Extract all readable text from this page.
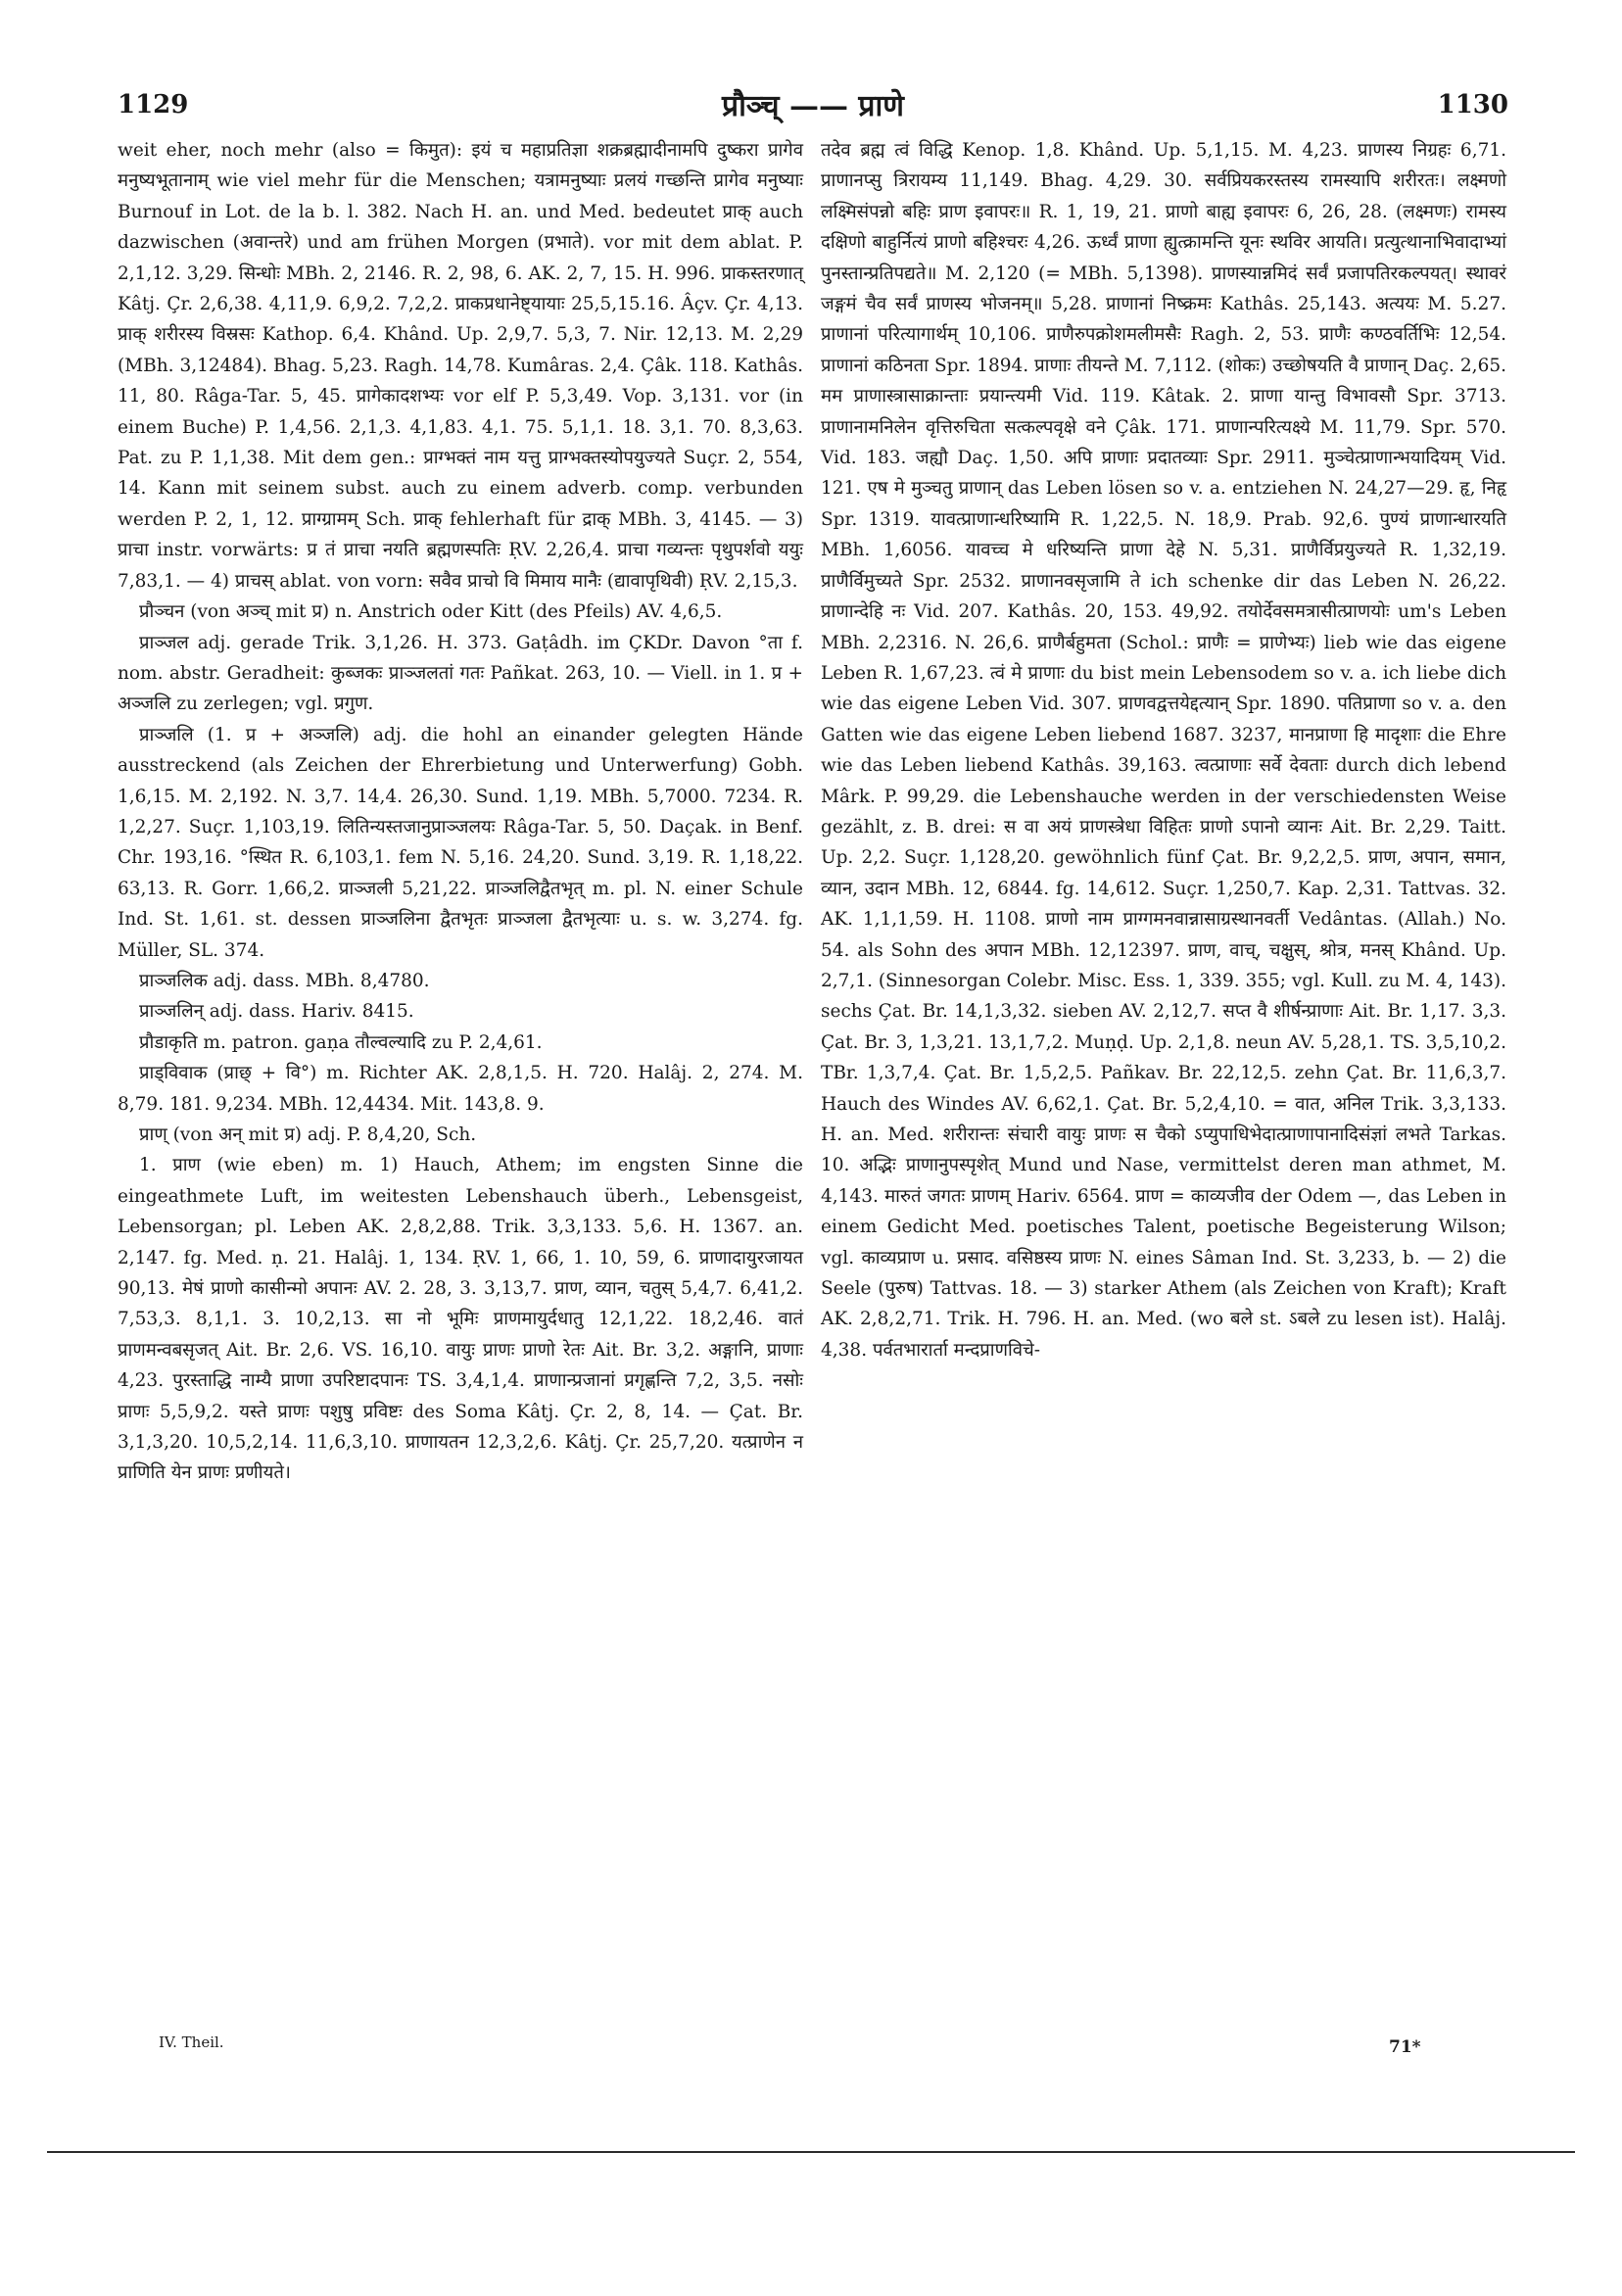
1129	प्रौञ्च् —— प्राणे	1130

weit eher, noch mehr (also = किमुत): इयं च महाप्रतिज्ञा शक्रब्रह्मादीनामपि दुष्करा प्रागेव मनुष्यभूतानाम् wie viel mehr für die Menschen; यत्रामनुष्याः प्रलयं गच्छन्ति प्रागेव मनुष्याः Burnouf in Lot. de la b. l. 382. Nach H. an. und Med. bedeutet प्राक् auch dazwischen (अवान्तरे) und am frühen Morgen (प्रभाते). vor mit dem ablat. P. 2,1,12. 3,29. सिन्धोः MBh. 2, 2146. R. 2, 98, 6. AK. 2, 7, 15. H. 996. प्राकस्तरणात् Kâtj. Çr. 2,6,38. 4,11,9. 6,9,2. 7,2,2. प्राकप्रधानेष्ट्यायाः 25,5,15.16. Âçv. Çr. 4,13. प्राक् शरीरस्य विस्रसः Kathop. 6,4. Khând. Up. 2,9,7. 5,3, 7. Nir. 12,13. M. 2,29 (MBh. 3,12484). Bhag. 5,23. Ragh. 14,78. Kumâras. 2,4. Çâk. 118. Kathâs. 11, 80. Râga-Tar. 5, 45. प्रागेकादशभ्यः vor elf P. 5,3,49. Vop. 3,131. vor (in einem Buche) P. 1,4,56. 2,1,3. 4,1,83. 4,1. 75. 5,1,1. 18. 3,1. 70. 8,3,63. Pat. zu P. 1,1,38. Mit dem gen.: प्राग्भक्तं नाम यत्तु प्राग्भक्तस्योपयुज्यते Suçr. 2, 554, 14. Kann mit seinem subst. auch zu einem adverb. comp. verbunden werden P. 2, 1, 12. प्राग्ग्रामम् Sch. प्राक् fehlerhaft für द्राक् MBh. 3, 4145. — 3) प्राचा instr. vorwärts: प्र तं प्राचा नयति ब्रह्मणस्पतिः ṚV. 2,26,4. प्राचा गव्यन्तः पृथुपर्शवो ययुः 7,83,1. — 4) प्राचस् ablat. von vorn: सवैव प्राचो वि मिमाय मानैः (द्यावापृथिवी) ṚV. 2,15,3.

प्रौञ्चन (von अञ्च् mit प्र) n. Anstrich oder Kitt (des Pfeils) AV. 4,6,5.

प्राञ्जल adj. gerade Trik. 3,1,26. H. 373. Gaṭâdh. im ÇKDr. Davon °ता f. nom. abstr. Geradheit: कुब्जकः प्राञ्जलतां गतः Pañkat. 263, 10. — Viell. in 1. प्र + अञ्जलि zu zerlegen; vgl. प्रगुण.

प्राञ्जलि (1. प्र + अञ्जलि) adj. die hohl an einander gelegten Hände ausstreckend (als Zeichen der Ehrerbietung und Unterwerfung) Gobh. 1,6,15. M. 2,192. N. 3,7. 14,4. 26,30. Sund. 1,19. MBh. 5,7000. 7234. R. 1,2,27. Suçr. 1,103,19. लितिन्यस्तजानुप्राञ्जलयः Râga-Tar. 5, 50. Daçak. in Benf. Chr. 193,16. °स्थित R. 6,103,1. fem N. 5,16. 24,20. Sund. 3,19. R. 1,18,22. 63,13. R. Gorr. 1,66,2. प्राञ्जली 5,21,22. प्राञ्जलिद्वैतभृत् m. pl. N. einer Schule Ind. St. 1,61. st. dessen प्राञ्जलिना द्वैतभृतः प्राञ्जला द्वैतभृत्याः u. s. w. 3,274. fg. Müller, SL. 374.

प्राञ्जलिक adj. dass. MBh. 8,4780.

प्राञ्जलिन् adj. dass. Hariv. 8415.

प्रौडाकृति m. patron. gaṇa तौल्वल्यादि zu P. 2,4,61.

प्राड्विवाक (प्राछ् + वि°) m. Richter AK. 2,8,1,5. H. 720. Halâj. 2, 274. M. 8,79. 181. 9,234. MBh. 12,4434. Mit. 143,8. 9.

प्राण् (von अन् mit प्र) adj. P. 8,4,20, Sch.

1. प्राण (wie eben) m. 1) Hauch, Athem; im engsten Sinne die eingeathmete Luft, im weitesten Lebenshauch überh., Lebensgeist, Lebensorgan; pl. Leben AK. 2,8,2,88. Trik. 3,3,133. 5,6. H. 1367. an. 2,147. fg. Med. ṇ. 21. Halâj. 1, 134. ṚV. 1, 66, 1. 10, 59, 6. प्राणादायुरजायत 90,13. मेषं प्राणो कासीन्मो अपानः AV. 2. 28, 3. 3,13,7. प्राण, व्यान, चतुस् 5,4,7. 6,41,2. 7,53,3. 8,1,1. 3. 10,2,13. सा नो भूमिः प्राणमायुर्दधातु 12,1,22. 18,2,46. वातं प्राणमन्वबसृजत् Ait. Br. 2,6. VS. 16,10. वायुः प्राणः प्राणो रेतः Ait. Br. 3,2. अङ्गानि, प्राणाः 4,23. पुरस्ताद्धि नाम्यै प्राणा उपरिष्टादपानः TS. 3,4,1,4. प्राणान्प्रजानां प्रगृह्णन्ति 7,2, 3,5. नसोः प्राणः 5,5,9,2. यस्ते प्राणः पशुषु प्रविष्टः des Soma Kâtj. Çr. 2, 8, 14. — Çat. Br. 3,1,3,20. 10,5,2,14. 11,6,3,10. प्राणायतन 12,3,2,6. Kâtj. Çr. 25,7,20. यत्प्राणेन न प्राणिति येन प्राणः प्रणीयते।

तदेव ब्रह्म त्वं विद्धि Kenop. 1,8. Khând. Up. 5,1,15. M. 4,23. प्राणस्य निग्रहः 6,71. प्राणानप्सु त्रिरायम्य 11,149. Bhag. 4,29. 30. सर्वप्रियकरस्तस्य रामस्यापि शरीरतः। लक्ष्मणो लक्ष्मिसंपन्नो बहिः प्राण इवापरः॥ R. 1, 19, 21. प्राणो बाह्य इवापरः 6, 26, 28. (लक्ष्मणः) रामस्य दक्षिणो बाहुर्नित्यं प्राणो बहिश्चरः 4,26. ऊर्ध्वं प्राणा ह्युत्क्रामन्ति यूनः स्थविर आयति। प्रत्युत्थानाभिवादाभ्यां पुनस्तान्प्रतिपद्यते॥ M. 2,120 (= MBh. 5,1398). प्राणस्यान्नमिदं सर्वं प्रजापतिरकल्पयत्। स्थावरं जङ्गमं चैव सर्वं प्राणस्य भोजनम्॥ 5,28. प्राणानां निष्क्रमः Kathâs. 25,143. अत्ययः M. 5.27. प्राणानां परित्यागार्थम् 10,106. प्राणैरुपक्रोशमलीमसैः Ragh. 2, 53. प्राणैः कण्ठवर्तिभिः 12,54. प्राणानां कठिनता Spr. 1894. प्राणाः तीयन्ते M. 7,112. (शोकः) उच्छोषयति वै प्राणान् Daç. 2,65. मम प्राणास्त्रासाक्रान्ताः प्रयान्त्यमी Vid. 119. Kâtak. 2. प्राणा यान्तु विभावसौ Spr. 3713. प्राणानामनिलेन वृत्तिरुचिता सत्कल्पवृक्षे वने Çâk. 171. प्राणान्परित्यक्ष्ये M. 11,79. Spr. 570. Vid. 183. जह्यौ Daç. 1,50. अपि प्राणाः प्रदातव्याः Spr. 2911. मुञ्चेत्प्राणान्भयादियम् Vid. 121. एष मे मुञ्चतु प्राणान् das Leben lösen so v. a. entziehen N. 24,27—29. हृ, निहृ Spr. 1319. यावत्प्राणान्धरिष्यामि R. 1,22,5. N. 18,9. Prab. 92,6. पुण्यं प्राणान्धारयति MBh. 1,6056. यावच्च मे धरिष्यन्ति प्राणा देहे N. 5,31. प्राणैर्विप्रयुज्यते R. 1,32,19. प्राणैर्विमुच्यते Spr. 2532. प्राणानवसृजामि ते ich schenke dir das Leben N. 26,22. प्राणान्देहि नः Vid. 207. Kathâs. 20, 153. 49,92. तयोर्देवसमत्रासीत्प्राणयोः um's Leben MBh. 2,2316. N. 26,6. प्राणैर्बहुमता (Schol.: प्राणैः = प्राणेभ्यः) lieb wie das eigene Leben R. 1,67,23. त्वं मे प्राणाः du bist mein Lebensodem so v. a. ich liebe dich wie das eigene Leben Vid. 307. प्राणवद्वत्तयेद्दत्यान् Spr. 1890. पतिप्राणा so v. a. den Gatten wie das eigene Leben liebend 1687. 3237, मानप्राणा हि मादृशाः die Ehre wie das Leben liebend Kathâs. 39,163. त्वत्प्राणाः सर्वे देवताः durch dich lebend Mârk. P. 99,29. die Lebenshauche werden in der verschiedensten Weise gezählt, z. B. drei: स वा अयं प्राणस्त्रेधा विहितः प्राणो ऽपानो व्यानः Ait. Br. 2,29. Taitt. Up. 2,2. Suçr. 1,128,20. gewöhnlich fünf Çat. Br. 9,2,2,5. प्राण, अपान, समान, व्यान, उदान MBh. 12, 6844. fg. 14,612. Suçr. 1,250,7. Kap. 2,31. Tattvas. 32. AK. 1,1,1,59. H. 1108. प्राणो नाम प्राग्गमनवान्नासाग्रस्थानवर्ती Vedântas. (Allah.) No. 54. als Sohn des अपान MBh. 12,12397. प्राण, वाच्, चक्षुस्, श्रोत्र, मनस् Khând. Up. 2,7,1. (Sinnesorgan Colebr. Misc. Ess. 1, 339. 355; vgl. Kull. zu M. 4, 143). sechs Çat. Br. 14,1,3,32. sieben AV. 2,12,7. सप्त वै शीर्षन्प्राणाः Ait. Br. 1,17. 3,3. Çat. Br. 3, 1,3,21. 13,1,7,2. Muṇḍ. Up. 2,1,8. neun AV. 5,28,1. TS. 3,5,10,2. TBr. 1,3,7,4. Çat. Br. 1,5,2,5. Pañkav. Br. 22,12,5. zehn Çat. Br. 11,6,3,7. Hauch des Windes AV. 6,62,1. Çat. Br. 5,2,4,10. = वात, अनिल Trik. 3,3,133. H. an. Med. शरीरान्तः संचारी वायुः प्राणः स चैको ऽप्युपाधिभेदात्प्राणापानादिसंज्ञां लभते Tarkas. 10. अद्भिः प्राणानुपस्पृशेत् Mund und Nase, vermittelst deren man athmet, M. 4,143. मारुतं जगतः प्राणम् Hariv. 6564. प्राण = काव्यजीव der Odem —, das Leben in einem Gedicht Med. poetisches Talent, poetische Begeisterung Wilson; vgl. काव्यप्राण u. प्रसाद. वसिष्ठस्य प्राणः N. eines Sâman Ind. St. 3,233, b. — 2) die Seele (पुरुष) Tattvas. 18. — 3) starker Athem (als Zeichen von Kraft); Kraft AK. 2,8,2,71. Trik. H. 796. H. an. Med. (wo बले st. ऽबले zu lesen ist). Halâj. 4,38. पर्वतभारार्ता मन्दप्राणविचे-

IV. Theil.	71*
